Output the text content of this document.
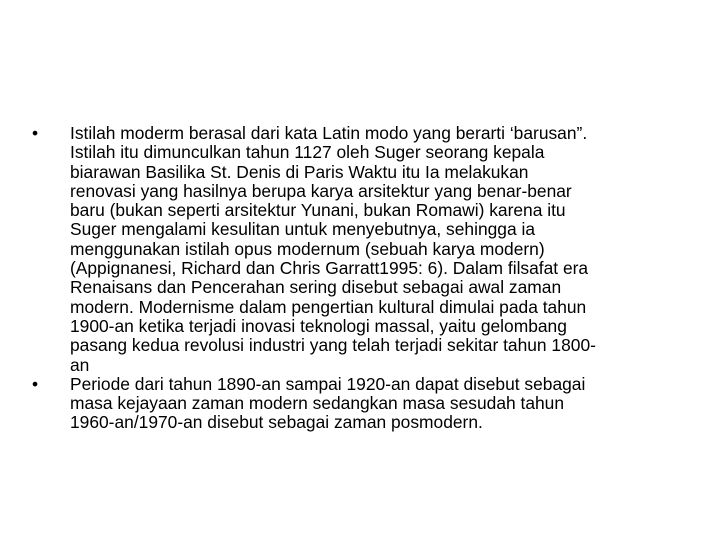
• Istilah moderm berasal dari kata Latin modo yang berarti ‘barusan”.
Istilah itu dimunculkan tahun 1127 oleh Suger seorang kepala
biarawan Basilika St. Denis di Paris Waktu itu Ia melakukan
renovasi yang hasilnya berupa karya arsitektur yang benar-benar
baru (bukan seperti arsitektur Yunani, bukan Romawi) karena itu
Suger mengalami kesulitan untuk menyebutnya, sehingga ia
menggunakan istilah opus modernum (sebuah karya modern)
(Appignanesi, Richard dan Chris Garratt1995: 6). Dalam filsafat era
Renaisans dan Pencerahan sering disebut sebagai awal zaman
modern. Modernisme dalam pengertian kultural dimulai pada tahun
1900-an ketika terjadi inovasi teknologi massal, yaitu gelombang
pasang kedua revolusi industri yang telah terjadi sekitar tahun 1800-
an
• Periode dari tahun 1890-an sampai 1920-an dapat disebut sebagai
masa kejayaan zaman modern sedangkan masa sesudah tahun
1960-an/1970-an disebut sebagai zaman posmodern.
